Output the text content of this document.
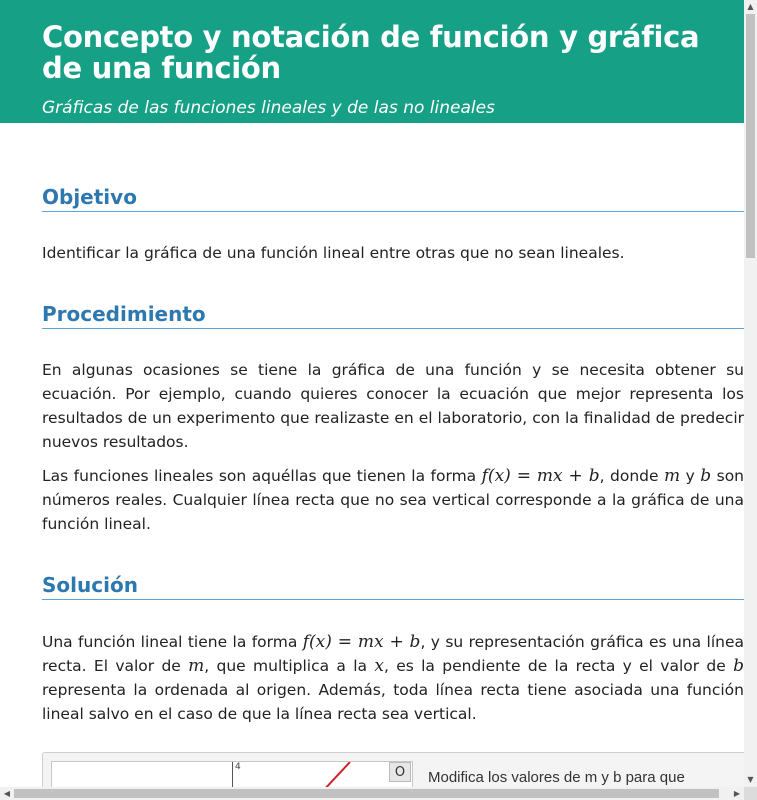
Concepto y notación de función y gráfica de una función
Gráficas de las funciones lineales y de las no lineales
Objetivo

Identificar la gráfica de una función lineal entre otras que no sean lineales.

Procedimiento

En algunas ocasiones se tiene la gráfica de una función y se necesita obtener su ecuación. Por ejemplo, cuando quieres conocer la ecuación que mejor representa los resultados de un experimento que realizaste en el laboratorio, con la finalidad de predecir nuevos resultados.

Las funciones lineales son aquéllas que tienen la forma f(x) = mx + b, donde m y b son números reales. Cualquier línea recta que no sea vertical corresponde a la gráfica de una función lineal.

Solución

Una función lineal tiene la forma f(x) = mx + b, y su representación gráfica es una línea recta. El valor de m, que multiplica a la x, es la pendiente de la recta y el valor de b representa la ordenada al origen. Además, toda línea recta tiene asociada una función lineal salvo en el caso de que la línea recta sea vertical.

4	O	Modifica los valores de m y b para que
▲
▼
◀	▶
